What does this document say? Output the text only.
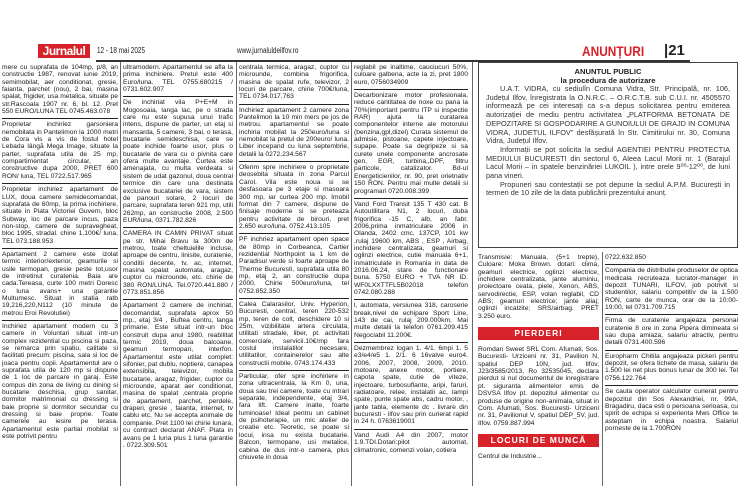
Jurnalul	12 - 18 mai 2025	www.jurnaluldeilfov.ro	ANUNȚURI |21
mere cu suprafata de 104mp, p/8, an constructie 1987, renovat iunie 2019, semimobilat, aer conditionat, gresie, faianta, parchet (nou), 2 bai, masina spalat, frigider, usa metalica, situate pe str.Rascoala 1907 nr. 6, bl. 12. Pret 550 EURO/LUNA TEL 0745.463.078
Proprietar inchiriez garsoniera nemobilata in Pantelimon la 1000 metri de Cora vis a vis de fostul hotel Lebada lângă Mega Image, situate la parter, suprafata utila de 25 mp, compartimentat circular, an constructive dupa 2000, PRET 600 RON/ luna, TEL 0722.517.965
Proprietar inchiriez apartament de LUX, doua camere semidecomandat, suprafata de 60mp, la prima inchiriere, situate in Piata Victoriei Guvern, bloc Subway, loc de parcare incus, paza non-stop, camere de supravegheat, bloc 1995, stradal. chine 1.100€/ luna, TEL 073.188.953
Apartament 2 camere este izolat termic interior/exterior, geamurile si usile termopan, gresie peste tot,usor de intretinut curatenia. Baia are cada.Tereasa, curte 100 metri Doresc o luna avans+ una garantie Multumesc. Situat in statia ratb 19,216,220,N112 (10 minute de metrou Eroi Revolutiei)
Inchiriez apartament modern cu 3 camere in Voluntari situat intr-un complex rezidential cu piscina si paza, se remarca prin spatiu, calitate si facilitati precum: piscina, sala si loc de joaca pentru copii. Apartamentul are o suprafata utila de 120 mp si dispune de 1 loc de parcare in garaj. Este compus din zona de living cu dining si bucatarie deschisa, grup sanitar, dormitor matrimonial cu dressing si baie proprie si dormitor secundar cu dressing si baie proprie. Toate camerele au iesire pe terasa. Apartamentul este partial mobilat si este potrivit pentru
ultramodern. Apartamentul se afla la prima inchiriere. Pretul este 400 Euro/luna. TEL 0755.680215 / 0731.602.907
De inchiriat vila P+E+M in Mogosoaia, langa lac, pe o strada care nu este supusa unui trafic intens, dispune de parter, un etaj si mansarda, 5 camere, 3 bai, o terasa, bucatarie semideschisa, care se poate inchide foarte usor, plus o bucatarie de vara cu o pivnita care ofera multe avantaje. Curtea este amenajata, cu multa verdeata si sistem de udat gazonul, doua central termice din care una destinata exclusive bucatariei de vara, sistem de panouri solare, 2 locuri de parcare, suprafata teren 921 mp, utili 262mp, an constructie 2008, 2.500 EUR/luna, 0371.782.826
CAMERA IN CAMIN PRIVAT situat pe str. Mihai Bravu la 300m de metrou, toate cheltuielile incluse, aproape de centru, linisite, curatenie, conditii decente, tv, ac, internet, masina spalat automata, aragaz, cuptor cu microunde, etc. chirie de 380 RON/LUNA. Tel.0720.441.880 / 0773.851.856
Apartament 2 camere de inchiriat, decomandat, suprafata aprox 50 mp., etaj 3/4 , Buftea centru, langa primarie. Este situat intr-un bloc construit dupa anul 1980, reabilitat termic 2019, doua balcoane, geamuri termopan, interfon. Apartamentul este utilat complet: sifonier, pat dublu, noptiere, canapea extensibila, televizor, mobila bucatarie, aragaz, frigider, cuptor cu microunde, aparat aer conditionat, masina de spalat ,centrala proprie de apartament, parchet, perdele, draperi, gresie , faianta, internet, tv cablu etc. Nu se accepta animale de companie. Pret 1100 lei chirie lunara, cu contract declarat ANAF. Plata in avans pe 1 luna plus 1 luna garantie . 0722.309.501
centrala termica, aragaz, cuptor cu microunde, combina frigorifica, masina de spalat rufe, televizor, 2 locuri de parcare, chirie 700€/luna, TEL 0734.017.763
Inchiriez apartament 2 camere zona Pantelimon la 10 min mers pe jos de metrou. apartamentul se poate inchiria mobilat la 250euro/luna si nemobilat la pretul de 200euro/ luna. Liber incepand cu luna septembrie, detalii la 0272.234.567
Oferim spre inchiriere o proprietate deosebita situata in zona Parcul Carol. Vila este noua si se desfasoara pe 3 etaje si masoara 300 mp, iar curtea 200 mp. Imobil format din 7 camere, dispune de finisaje moderne si se preteaza pentru activitate de birouri, pret 2.650 euro/luna. 0752.413.105
PF inchriez apartament open space de 80mp in Corbeanca, Cartier rezidential Northpoint la 1 km de Paradisul verde si foarte aproape de Therme Bucuresti, suprafata utila 80 mp, etaj 2, an constructie dupa 2000. Chirie 500euro/luna, tel 0752.852.350
Calea Calarasilor, Univ. Hyperion, Bucuresti, central, teren 220-532 mp, teren de colt, deschidere 10 si 25m, vizibilitate artera circulata, utilitati stradale, liber, pt. activitati comerciale, servicii.10€/mp fara costul instalatilor necesare, utilitatilor, containerelor sau alte constructii mobile. 0743.174.433
Particular, ofer spre inchiriere in zona ultracentrala, la Km 0, una, doua sau trei camere, toate cu intrari separate, independente, etaj 3/4, fara lift. Camere inalte, foarte luminoase! Ideal pentru un cabinet de psihoterapie, un mic atelier de creatie etc. Teoretic, se poate si locui, insa nu exista bucatarie. Balcon, termopane, usi metalice, cabina de dus intr-o camera, plus chiuvete in doua
reglabil pe inaltime, cauciucuri 50%, culoare galbena, acte la zi, pret 1800 euro, 0756034909
Decarbonizare motor profesionala, reduce cantitatea de noxe cu pana la 70%(important pentru ITP si inspectie RAR) ajuta la curatarea componentelor interne ale motorului (benzina,gpl,dizel) Curata sistemul de admisie, pistoane, capete injectoare, supape. Poate sa degripeze si sa curete unele componente ancrosate gen, EGR, turbina,,DPF, filtru particole, catalizator. Bd-ul Energeticienilor, nr. 90, pret orietnativ 150 RON. Pentru mai multe detalii si programari 0720.008.399
Vand Ford Transit 135 T 430 cat. B Autoutilitara N1, 2 locuri, duba frigorifica -15 C, alb, an fabr. 2006,prima inmatriculare 2006 in Olanda, 2402 cmc, 137CP, 101 kw ,rulaj 19600 km, ABS , ESP , Airbag, inchidere centralizata, geamuri si oglinzi electrice, cutie manuala 6+1, inmatriculate in Romania in data de 2016.06.24, stare de functionare buna. 5750 EURO + TVA NR ID. WF0LXXTTFL5B02018 telefon 0742.080.288
l, automata, versiunea 318, caroserie break,nivel de echipare Sport Line, 143 de cai, rulaj 209.000km. Mai multe detalii la telefon 0761.209.415 Negociabil 11.200€.
Dezmembrez logan 1. 4/1. 6mpi 1. 5 e3/e4/e5 1. 2/1. 6 16valve euro4. 2006, 2007, 2008, 2009, 2010. motoare, anexe motor, portiere, capota spate, cutie de viteze, injectoare, turbosuflante, aripi, faruri, radiatoare, relee, instalatii ac, lampi spate, punte spate abs, cadru motor, , jante tabla, elemente dc . livrare din bucuresti - ilfov sau prin curierat rapid in 24 h. 0763619001
Vand Audi A4 din 2007, motor 1.9.TDI.Dotari:pilot automat, climatronic, comenzi volan, cotiera
ANUNTUL PUBLIC
la procedura de autorizare

U.A.T. VIDRA, cu sediulîn Comuna Vidra, Str. Principală, nr. 106, Județul Ilfov, înregistrata la O.N.R.C. – O.R.C.T.B. sub C.U.I. nr. 4505570 informează pe cei interesați ca s-a depus solicitarea pentru emiterea autorizației de mediu pentru activitatea „PLATFORMA BETONATA DE DEPOZITARE SI GOSPODARIRE A GUNOIULUI DE GRAJD IN COMUNA VIDRA, JUDETUL ILFOV” desfășurată în Str. Cimitirului nr. 30, Comuna Vidra, Județul Ilfov.

Informații se pot solicita la sediul AGENTIEI PENTRU PROTECTIA MEDIULUI BUCURESTI din sectorul 6, Aleea Lacul Morii nr. 1 (Barajul Lacul Morii – in spatele benzinăriei LUKOIL ), intre orele 9⁰⁰-12⁰⁰, de luni pana vineri.

Propuneri sau contestații se pot depune la sediul A.P.M. București in termen de 10 zile de la data publicării prezentului anunț.

Transmisie: Manuala, (5+1 trepte), Culoare: Moka Brown. dotari: clima, geamuri electrice, oglinzi electrice, inchidere centralizata, jante aluminiu, proiectoare ceata, piele, Xenon, ABS, servodirectie, ESP, volan reglabil, CD ABS; geamuri electrice; jante aliaj; oglinzi incalzite; SRS/airbag. PRET 3.250 euro.
PIERDERI
Romdan Sweet SRL Com. Afumati, Sos. Bucuresti- Urziceni nr. 31, Pavilion N, spatiul DEP 10N, jud. Ilfov, J23/3585/2013, Ro 32535045, declara pierdut si nul documentul de inregistrare pt. siguranta alimentelor emis de DSVSA Ilfov pt. depozitul alimentar cu produse de origine non-animala, situat in Com. Afumati, Sos. Bucuresti- Urziceni nr. 31, Pavilionul V, spatiul DEP_5V, jud. Ilfov. 0759.887.994
LOCURI DE MUNCĂ
Centrul de Industrie...
0722.632.850
Compania de distributie produselor de optica medicala recruteaza lucrator-manager in depozit TUNARI, ILFOV, job potrivit si studentilor, salariu competitiv de la 1.500 RON, carte de munca, orar de la 10:00-19:00, tel 0731.709.715
Firma de curatenie angajeaza personal curatenie 8 ore in zona Pipera dimineata si sau dupa amiaza, salariu atractiv, pentru detalii 0731.400.596
Europharm Chitila angajeaza pickeri pentru depozit, se ofera tichete de masa, salariu de 1.500 lei net plus bonus lunar de 300 lei. Tel 0756.122.764
Se cauta operator calculator curierat pentru depozitul din Sos Alexandriei, nr. 99A, Bragadiru, daca esti o persoana serioasa, cu spirit de echipa si experienta Mws Office te asteptam in echipa noastra. Salariul porneste de la 1.700RON
